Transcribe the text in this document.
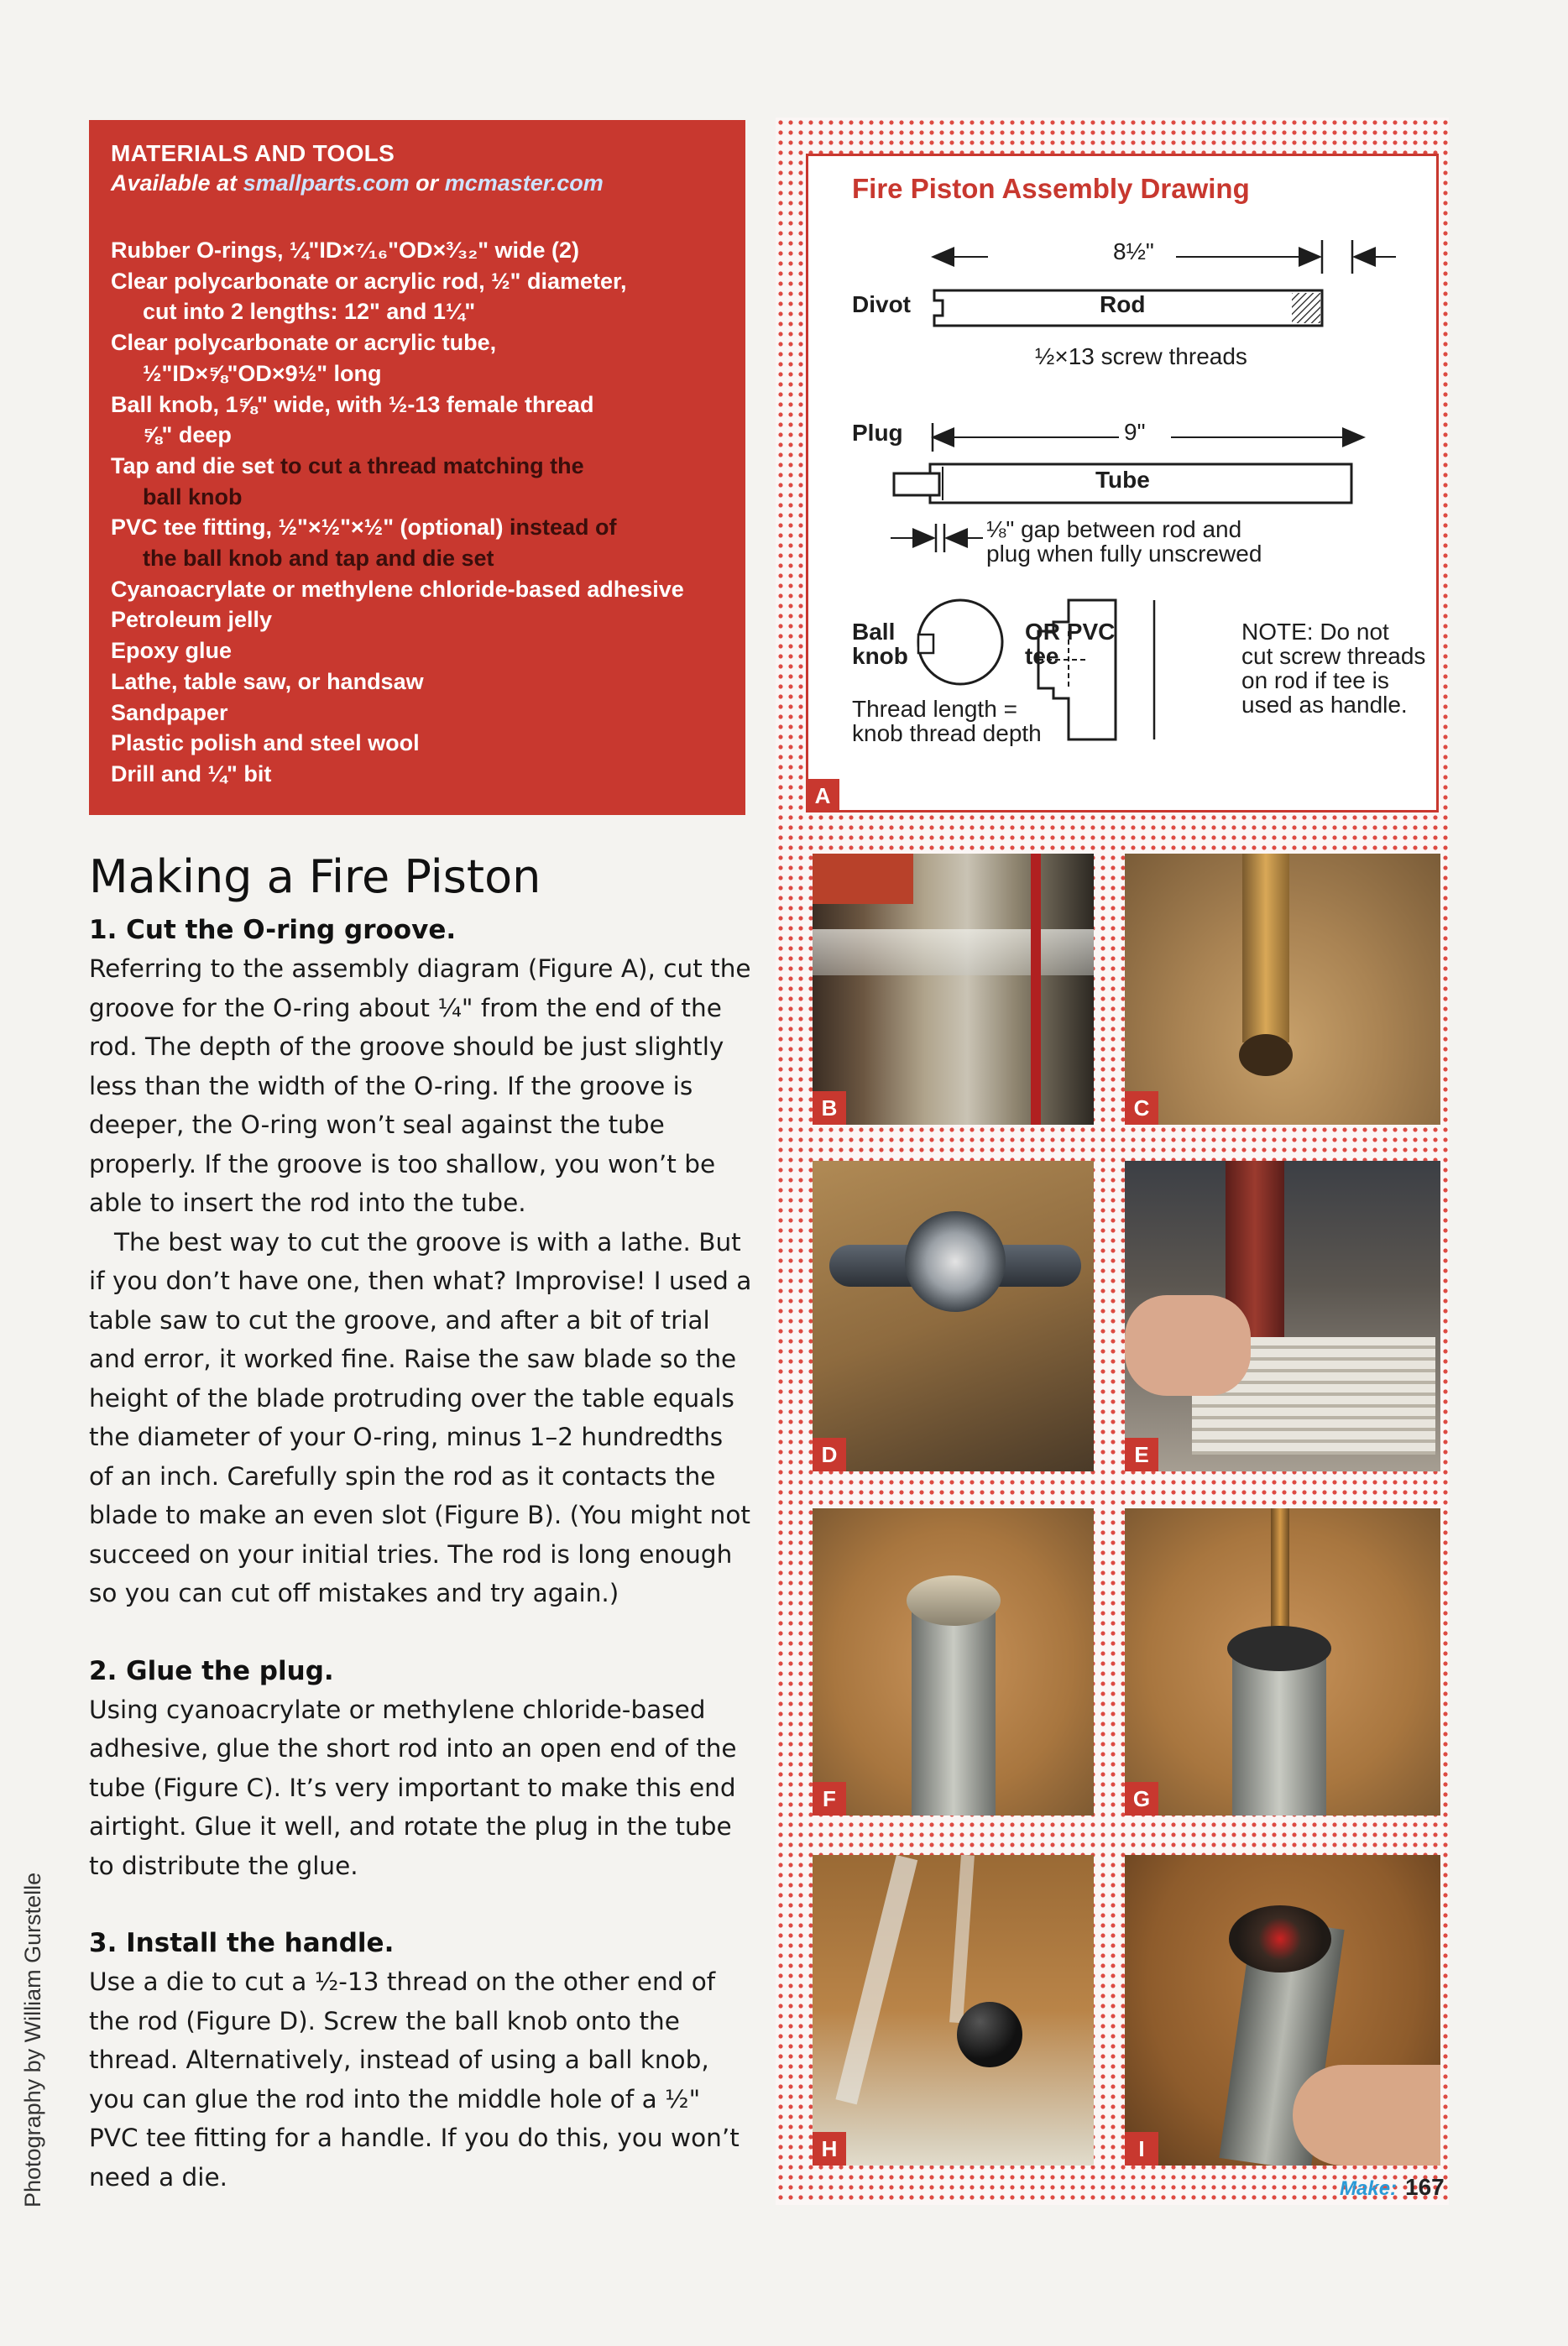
MATERIALS AND TOOLS
Available at smallparts.com or mcmaster.com
Rubber O-rings, ¼"ID×⁷⁄₁₆"OD×³⁄₃₂" wide (2)
Clear polycarbonate or acrylic rod, ½" diameter,
cut into 2 lengths: 12" and 1¼"
Clear polycarbonate or acrylic tube,
½"ID×⅝"OD×9½" long
Ball knob, 1⅝" wide, with ½-13 female thread
⅝" deep
Tap and die set to cut a thread matching the
ball knob
PVC tee fitting, ½"×½"×½" (optional) instead of
the ball knob and tap and die set
Cyanoacrylate or methylene chloride-based adhesive
Petroleum jelly
Epoxy glue
Lathe, table saw, or handsaw
Sandpaper
Plastic polish and steel wool
Drill and ¼" bit
Fire Piston Assembly Drawing
8½"
Divot	Rod
½×13 screw threads
Plug	9"
Tube
⅛" gap between rod and plug when fully unscrewed
Ball knob
OR PVC tee
Thread length = knob thread depth
NOTE: Do not cut screw threads on rod if tee is used as handle.
A
B	C
D	E
F	G
H	I
Making a Fire Piston
1. Cut the O-ring groove.

Referring to the assembly diagram (Figure A), cut the groove for the O-ring about ¼" from the end of the rod. The depth of the groove should be just slightly less than the width of the O-ring. If the groove is deeper, the O-ring won’t seal against the tube properly. If the groove is too shallow, you won’t be able to insert the rod into the tube.

The best way to cut the groove is with a lathe. But if you don’t have one, then what? Improvise! I used a table saw to cut the groove, and after a bit of trial and error, it worked fine. Raise the saw blade so the height of the blade protruding over the table equals the diameter of your O-ring, minus 1–2 hundredths of an inch. Carefully spin the rod as it contacts the blade to make an even slot (Figure B). (You might not succeed on your initial tries. The rod is long enough so you can cut off mistakes and try again.)

2. Glue the plug.

Using cyanoacrylate or methylene chloride-based adhesive, glue the short rod into an open end of the tube (Figure C). It’s very important to make this end airtight. Glue it well, and rotate the plug in the tube to distribute the glue.

3. Install the handle.

Use a die to cut a ½-13 thread on the other end of the rod (Figure D). Screw the ball knob onto the thread. Alternatively, instead of using a ball knob, you can glue the rod into the middle hole of a ½" PVC tee fitting for a handle. If you do this, you won’t need a die.

Photography by William Gurstelle	Make: 167
